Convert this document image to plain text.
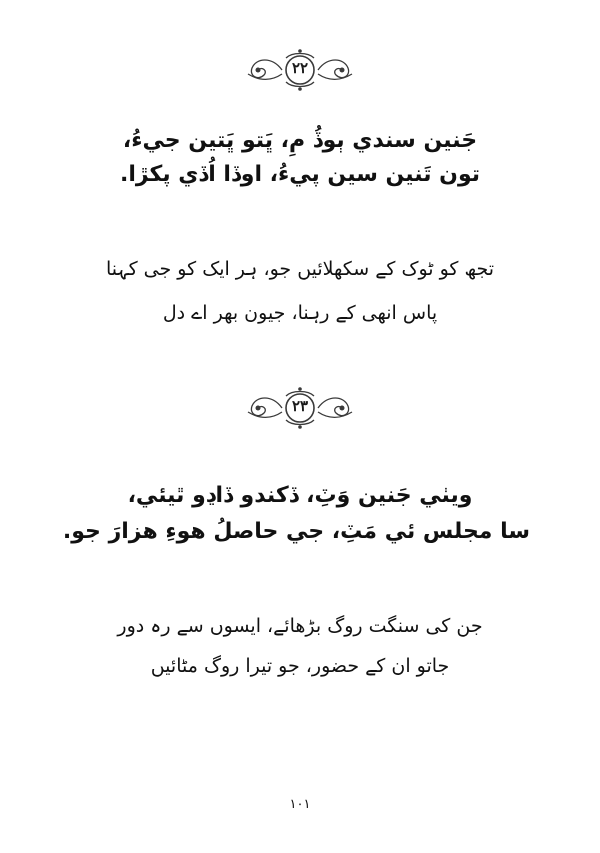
۲۲
جَنين سندي ٻوڏُ مِ، ڀَتو ڀَتين جيءُ،
تون تَنين سين پيءُ، اوڏا اُڏي پکڙا.
تجھ کو ٹوک کے سکھلائیں جو، ہر ایک کو جی کہنا
پاس انھی کے رہنا، جیون بھر اے دل
۲۳
ويٺي جَنين وَٽِ، ڏکندو ڏاڍو ٿيئي،
سا مجلس ئي مَٽِ، جي حاصلُ هوءِ هزارَ جو.
جن کی سنگت روگ بڑھائے، ایسوں سے رہ دور
جاتو ان کے حضور، جو تیرا روگ مٹائیں
۱۰۱
